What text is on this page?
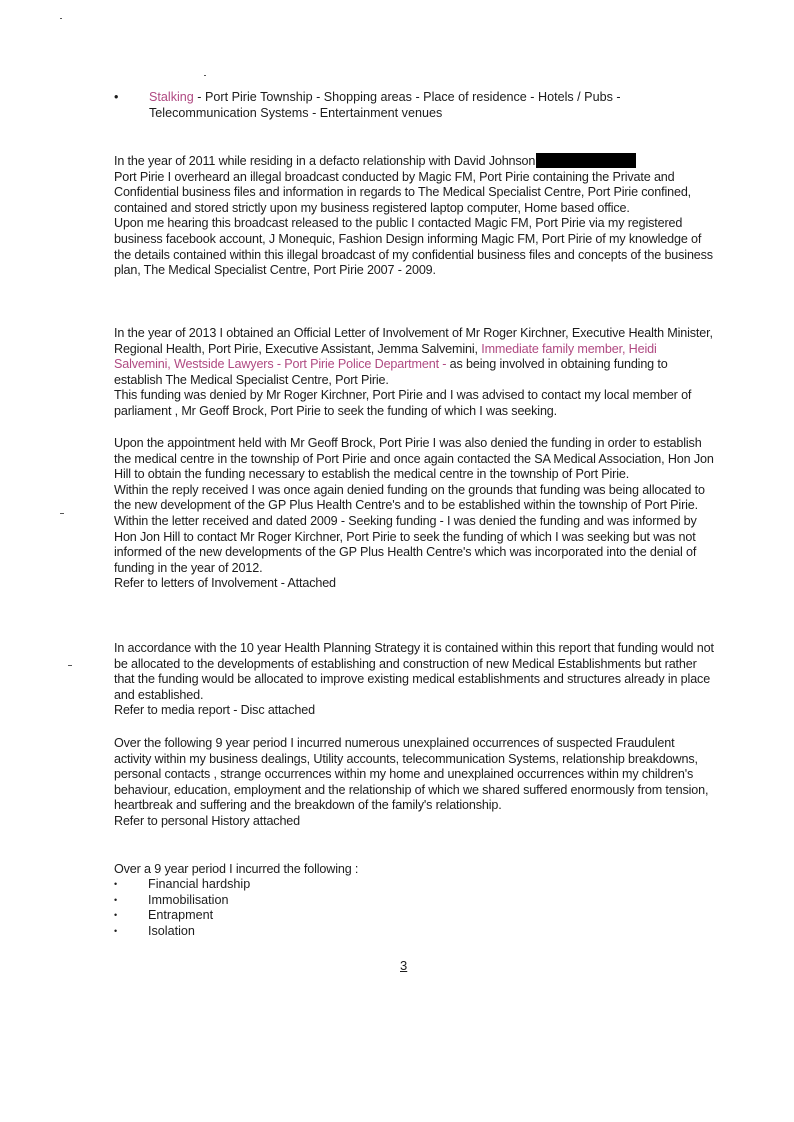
• Stalking - Port Pirie Township - Shopping areas - Place of residence - Hotels / Pubs - Telecommunication Systems - Entertainment venues

In the year of 2011 while residing in a defacto relationship with David Johnson

Port Pirie I overheard an illegal broadcast conducted by Magic FM, Port Pirie containing the Private and Confidential business files and information in regards to The Medical Specialist Centre, Port Pirie confined, contained and stored strictly upon my business registered laptop computer, Home based office.

Upon me hearing this broadcast released to the public I contacted Magic FM, Port Pirie via my registered business facebook account, J Monequic, Fashion Design informing Magic FM, Port Pirie of my knowledge of the details contained within this illegal broadcast of my confidential business files and concepts of the business plan, The Medical Specialist Centre, Port Pirie 2007 - 2009.

In the year of 2013 I obtained an Official Letter of Involvement of Mr Roger Kirchner, Executive Health Minister, Regional Health, Port Pirie, Executive Assistant, Jemma Salvemini, Immediate family member, Heidi Salvemini, Westside Lawyers - Port Pirie Police Department - as being involved in obtaining funding to establish The Medical Specialist Centre, Port Pirie.

This funding was denied by Mr Roger Kirchner, Port Pirie and I was advised to contact my local member of parliament , Mr Geoff Brock, Port Pirie to seek the funding of which I was seeking.

Upon the appointment held with Mr Geoff Brock, Port Pirie I was also denied the funding in order to establish the medical centre in the township of Port Pirie and once again contacted the SA Medical Association, Hon Jon Hill to obtain the funding necessary to establish the medical centre in the township of Port Pirie.

Within the reply received I was once again denied funding on the grounds that funding was being allocated to the new development of the GP Plus Health Centre's and to be established within the township of Port Pirie.

Within the letter received and dated 2009 - Seeking funding - I was denied the funding and was informed by Hon Jon Hill to contact Mr Roger Kirchner, Port Pirie to seek the funding of which I was seeking but was not informed of the new developments of the GP Plus Health Centre's which was incorporated into the denial of funding in the year of 2012.

Refer to letters of Involvement - Attached

In accordance with the 10 year Health Planning Strategy it is contained within this report that funding would not be allocated to the developments of establishing and construction of new Medical Establishments but rather that the funding would be allocated to improve existing medical establishments and structures already in place and established.

Refer to media report - Disc attached

Over the following 9 year period I incurred numerous unexplained occurrences of suspected Fraudulent activity within my business dealings, Utility accounts, telecommunication Systems, relationship breakdowns, personal contacts , strange occurrences within my home and unexplained occurrences within my children's behaviour, education, employment and the relationship of which we shared suffered enormously from tension, heartbreak and suffering and the breakdown of the family's relationship.

Refer to personal History attached

Over a 9 year period I incurred the following :

• Financial hardship
• Immobilisation
• Entrapment
• Isolation
3
